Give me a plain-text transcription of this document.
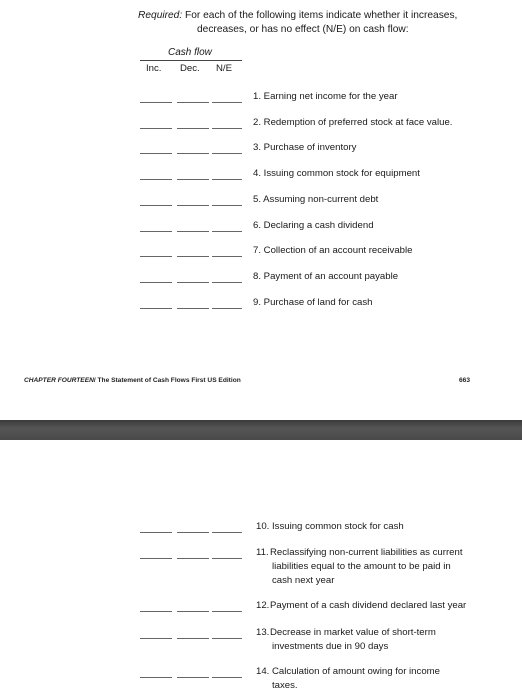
Required: For each of the following items indicate whether it increases,
decreases, or has no effect (N/E) on cash flow:
Cash flow
Inc. Dec. N/E
1. Earning net income for the year
2. Redemption of preferred stock at face value.
3. Purchase of inventory
4. Issuing common stock for equipment
5. Assuming non-current debt
6. Declaring a cash dividend
7. Collection of an account receivable
8. Payment of an account payable
9. Purchase of land for cash
CHAPTER FOURTEEN/ The Statement of Cash Flows First US Edition	663
10. Issuing common stock for cash
11. Reclassifying non-current liabilities as current
liabilities equal to the amount to be paid in
cash next year
12. Payment of a cash dividend declared last year
13. Decrease in market value of short-term
investments due in 90 days
14. Calculation of amount owing for income
taxes.
